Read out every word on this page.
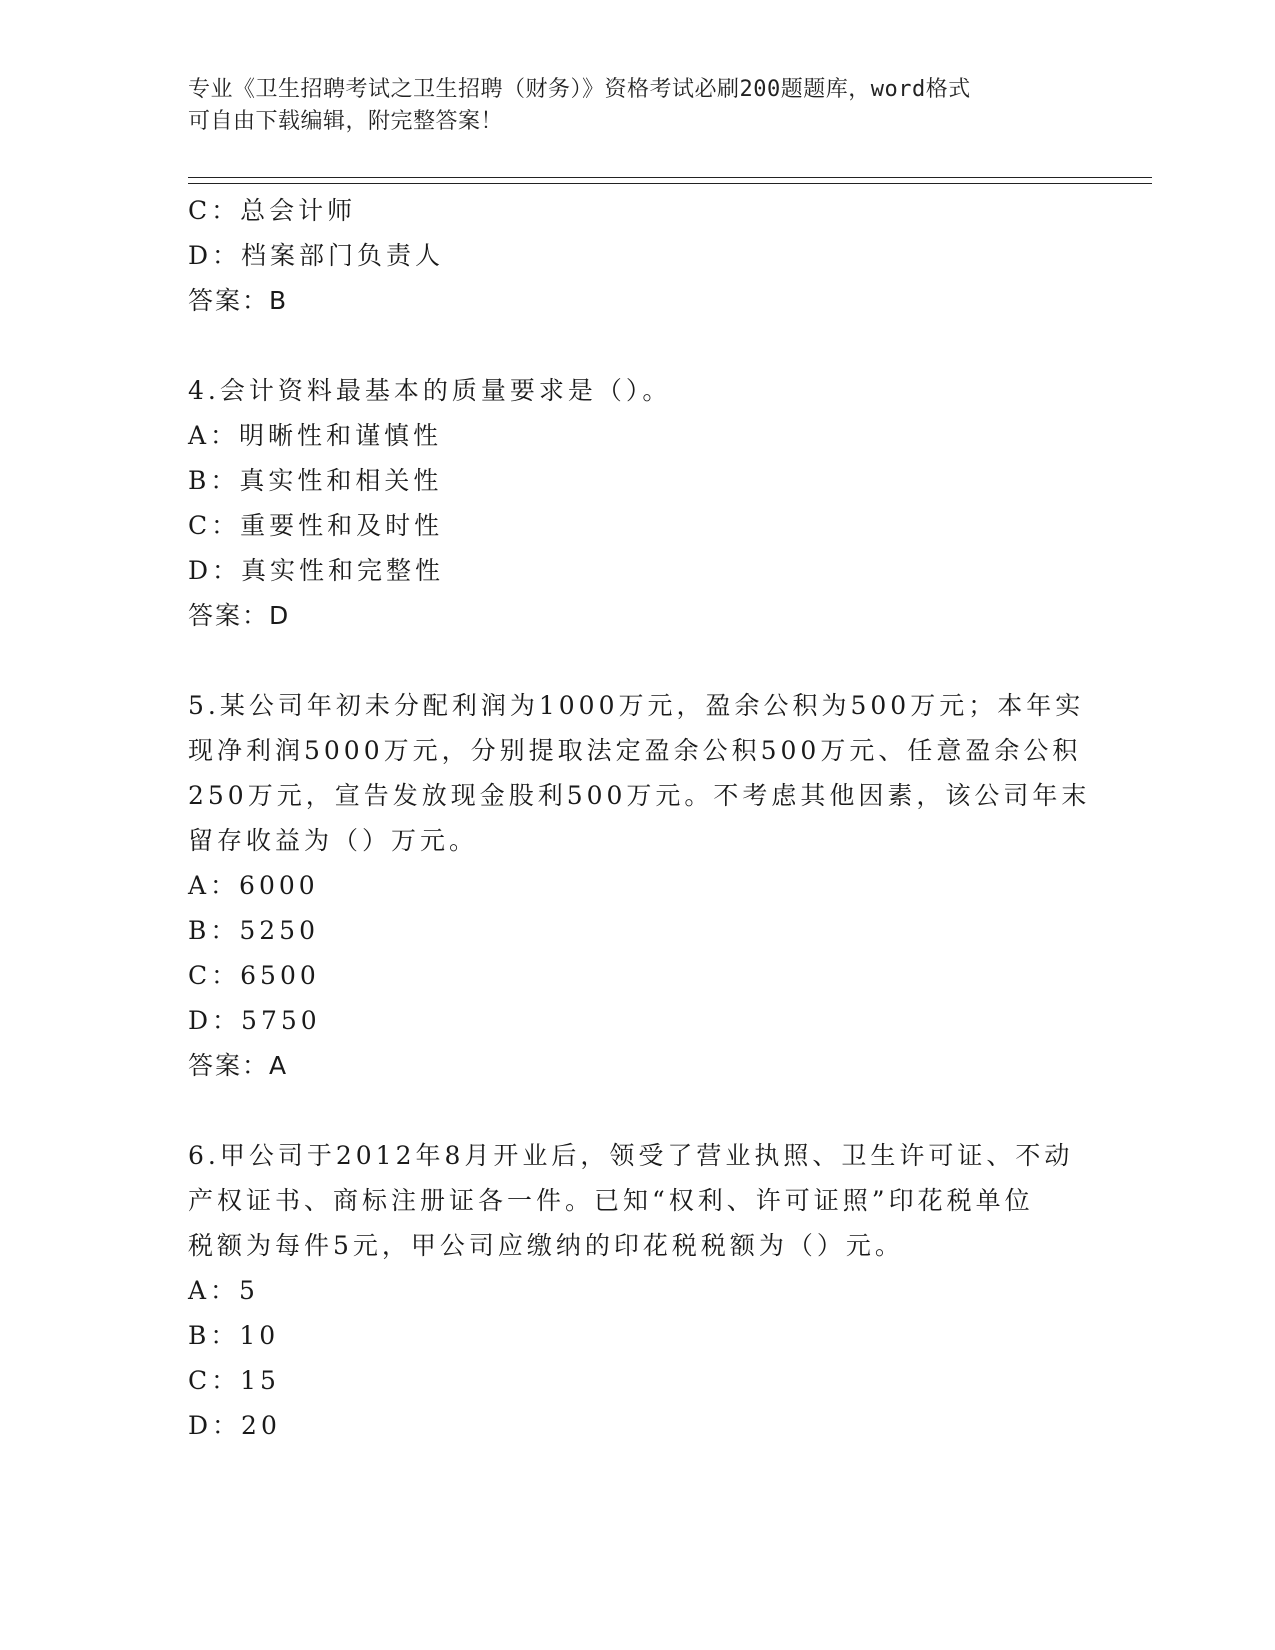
专业《卫生招聘考试之卫生招聘（财务）》资格考试必刷200题题库，word格式
可自由下载编辑，附完整答案！
C：总会计师
D：档案部门负责人
答案：B
4.会计资料最基本的质量要求是（）。
A：明晰性和谨慎性
B：真实性和相关性
C：重要性和及时性
D：真实性和完整性
答案：D
5.某公司年初未分配利润为1000万元，盈余公积为500万元；本年实
现净利润5000万元，分别提取法定盈余公积500万元、任意盈余公积
250万元，宣告发放现金股利500万元。不考虑其他因素，该公司年末
留存收益为（）万元。
A：6000
B：5250
C：6500
D：5750
答案：A
6.甲公司于2012年8月开业后，领受了营业执照、卫生许可证、不动
产权证书、商标注册证各一件。已知“权利、许可证照”印花税单位
税额为每件5元，甲公司应缴纳的印花税税额为（）元。
A：5
B：10
C：15
D：20
